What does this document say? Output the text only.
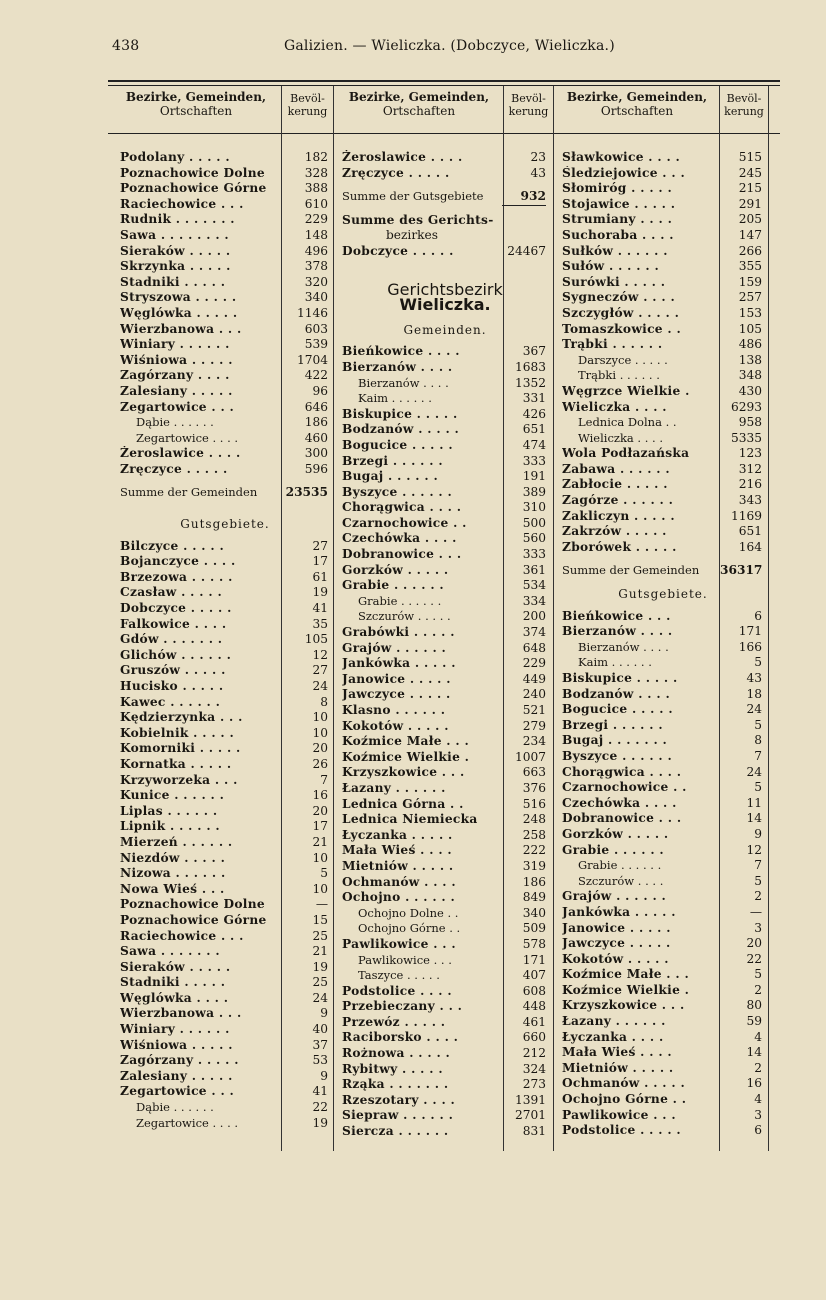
438	Galizien. — Wieliczka. (Dobczyce, Wieliczka.)
Bezirke, Gemeinden,
Ortschaften
Bevöl-
kerung
Bezirke, Gemeinden,
Ortschaften
Bevöl-
kerung
Bezirke, Gemeinden,
Ortschaften
Bevöl-
kerung
Podolany . . . . .	182
Poznachowice Dolne	328
Poznachowice Górne	388
Raciechowice . . .	610
Rudnik . . . . . . .	229
Sawa . . . . . . . .	148
Sieraków . . . . .	496
Skrzynka . . . . .	378
Stadniki . . . . .	320
Stryszowa . . . . .	340
Węglówka . . . . .	1146
Wierzbanowa . . .	603
Winiary . . . . . .	539
Wiśniowa . . . . .	1704
Zagórzany . . . .	422
Zalesiany . . . . .	96
Zegartowice . . .	646
Dąbie . . . . . .	186
Zegartowice . . . .	460
Żeroslawice . . . .	300
Zręczyce . . . . .	596
Summe der Gemeinden	23535
Gutsgebiete.
Bilczyce . . . . .	27
Bojanczyce . . . .	17
Brzezowa . . . . .	61
Czasław . . . . .	19
Dobczyce . . . . .	41
Falkowice . . . .	35
Gdów . . . . . . .	105
Glichów . . . . . .	12
Gruszów . . . . .	27
Hucisko . . . . .	24
Kawec . . . . . .	8
Kędzierzynka . . .	10
Kobielnik . . . . .	10
Komorniki . . . . .	20
Kornatka . . . . .	26
Krzyworzeka . . .	7
Kunice . . . . . .	16
Liplas . . . . . .	20
Lipnik . . . . . .	17
Mierzeń . . . . . .	21
Niezdów . . . . .	10
Nizowa . . . . . .	5
Nowa Wieś . . .	10
Poznachowice Dolne	—
Poznachowice Górne	15
Raciechowice . . .	25
Sawa . . . . . . .	21
Sieraków . . . . .	19
Stadniki . . . . .	25
Węglówka . . . .	24
Wierzbanowa . . .	9
Winiary . . . . . .	40
Wiśniowa . . . . .	37
Zagórzany . . . . .	53
Zalesiany . . . . .	9
Zegartowice . . .	41
Dąbie . . . . . .	22
Zegartowice . . . .	19
Żeroslawice . . . .	23
Zręczyce . . . . .	43
Summe der Gutsgebiete	932
Summe des Gerichts-
bezirkes
Dobczyce . . . . .	24467
Gerichtsbezirk
Wieliczka.
Gemeinden.
Bieńkowice . . . .	367
Bierzanów . . . .	1683
Bierzanów . . . .	1352
Kaim . . . . . .	331
Biskupice . . . . .	426
Bodzanów . . . . .	651
Bogucice . . . . .	474
Brzegi . . . . . .	333
Bugaj . . . . . .	191
Byszyce . . . . . .	389
Chorągwica . . . .	310
Czarnochowice . .	500
Czechówka . . . .	560
Dobranowice . . .	333
Gorzków . . . . .	361
Grabie . . . . . .	534
Grabie . . . . . .	334
Szczurów . . . . .	200
Grabówki . . . . .	374
Grajów . . . . . .	648
Jankówka . . . . .	229
Janowice . . . . .	449
Jawczyce . . . . .	240
Klasno . . . . . .	521
Kokotów . . . . .	279
Koźmice Małe . . .	234
Koźmice Wielkie .	1007
Krzyszkowice . . .	663
Łazany . . . . . .	376
Lednica Górna . .	516
Lednica Niemiecka	248
Łyczanka . . . . .	258
Mała Wieś . . . .	222
Mietniów . . . . .	319
Ochmanów . . . .	186
Ochojno . . . . . .	849
Ochojno Dolne . .	340
Ochojno Górne . .	509
Pawlikowice . . .	578
Pawlikowice . . .	171
Taszyce . . . . .	407
Podstolice . . . .	608
Przebieczany . . .	448
Przewóz . . . . .	461
Raciborsko . . . .	660
Rożnowa . . . . .	212
Rybitwy . . . . .	324
Rząka . . . . . . .	273
Rzeszotary . . . .	1391
Siepraw . . . . . .	2701
Siercza . . . . . .	831
Sławkowice . . . .	515
Śledziejowice . . .	245
Słomiróg . . . . .	215
Stojawice . . . . .	291
Strumiany . . . .	205
Suchoraba . . . .	147
Sułków . . . . . .	266
Sułów . . . . . .	355
Surówki . . . . .	159
Sygneczów . . . .	257
Szczygłów . . . . .	153
Tomaszkowice . .	105
Trąbki . . . . . .	486
Darszyce . . . . .	138
Trąbki . . . . . .	348
Węgrzce Wielkie .	430
Wieliczka . . . .	6293
Lednica Dolna . .	958
Wieliczka . . . .	5335
Wola Podłazańska	123
Zabawa . . . . . .	312
Zabłocie . . . . .	216
Zagórze . . . . . .	343
Zakliczyn . . . . .	1169
Zakrzów . . . . .	651
Zborówek . . . . .	164
Summe der Gemeinden	36317
Gutsgebiete.
Bieńkowice . . .	6
Bierzanów . . . .	171
Bierzanów . . . .	166
Kaim . . . . . .	5
Biskupice . . . . .	43
Bodzanów . . . .	18
Bogucice . . . . .	24
Brzegi . . . . . .	5
Bugaj . . . . . . .	8
Byszyce . . . . . .	7
Chorągwica . . . .	24
Czarnochowice . .	5
Czechówka . . . .	11
Dobranowice . . .	14
Gorzków . . . . .	9
Grabie . . . . . .	12
Grabie . . . . . .	7
Szczurów . . . .	5
Grajów . . . . . .	2
Jankówka . . . . .	—
Janowice . . . . .	3
Jawczyce . . . . .	20
Kokotów . . . . .	22
Koźmice Małe . . .	5
Koźmice Wielkie .	2
Krzyszkowice . . .	80
Łazany . . . . . .	59
Łyczanka . . . .	4
Mała Wieś . . . .	14
Mietniów . . . . .	2
Ochmanów . . . . .	16
Ochojno Górne . .	4
Pawlikowice . . .	3
Podstolice . . . . .	6
